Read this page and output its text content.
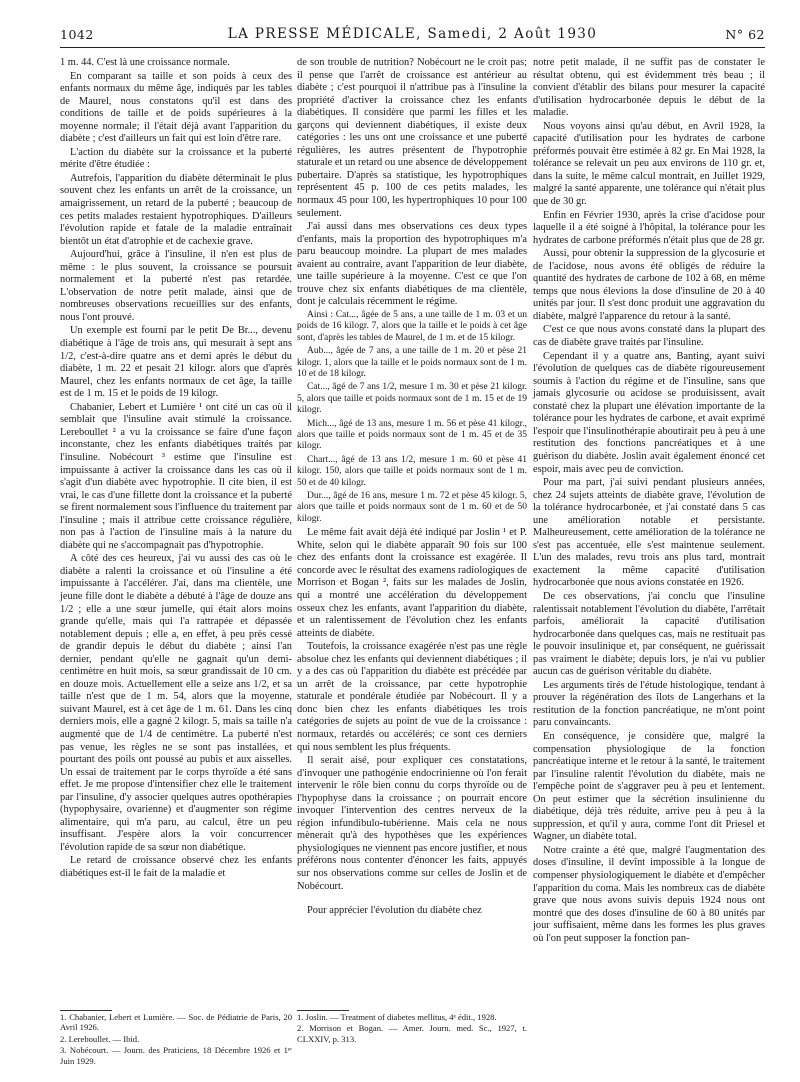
1042	LA PRESSE MÉDICALE, Samedi, 2 Août 1930	N° 62

1 m. 44. C'est là une croissance normale.

En comparant sa taille et son poids à ceux des enfants normaux du même âge, indiqués par les tables de Maurel, nous constatons qu'il est dans des conditions de taille et de poids supérieures à la moyenne normale; il l'était déjà avant l'apparition du diabète ; c'est d'ailleurs un fait qui est loin d'être rare.

L'action du diabète sur la croissance et la puberté mérite d'être étudiée :

Autrefois, l'apparition du diabète déterminait le plus souvent chez les enfants un arrêt de la croissance, un amaigrissement, un retard de la puberté ; beaucoup de ces petits malades restaient hypotrophiques. D'ailleurs l'évolution rapide et fatale de la maladie entraînait bientôt un état d'atrophie et de cachexie grave.

Aujourd'hui, grâce à l'insuline, il n'en est plus de même : le plus souvent, la croissance se poursuit normalement et la puberté n'est pas retardée. L'observation de notre petit malade, ainsi que de nombreuses observations recueillies sur des enfants, nous l'ont prouvé.

Un exemple est fourni par le petit De Br..., devenu diabétique à l'âge de trois ans, qui mesurait à sept ans 1/2, c'est-à-dire quatre ans et demi après le début du diabète, 1 m. 22 et pesait 21 kilogr. alors que d'après Maurel, chez les enfants normaux de cet âge, la taille est de 1 m. 15 et le poids de 19 kilogr.

Chabanier, Lebert et Lumière ¹ ont cité un cas où il semblait que l'insuline avait stimulé la croissance. Lereboullet ² a vu la croissance se faire d'une façon inconstante, chez les enfants diabétiques traités par l'insuline. Nobécourt ³ estime que l'insuline est impuissante à activer la croissance dans les cas où il s'agit d'un diabète avec hypotrophie. Il cite bien, il est vrai, le cas d'une fillette dont la croissance et la puberté se firent normalement sous l'influence du traitement par l'insuline ; mais il attribue cette croissance régulière, non pas à l'action de l'insuline mais à la nature du diabète qui ne s'accompagnait pas d'hypotrophie.

A côté des ces heureux, j'ai vu aussi des cas où le diabète a ralenti la croissance et où l'insuline a été impuissante à l'accélérer. J'ai, dans ma clientèle, une jeune fille dont le diabète a débuté à l'âge de douze ans 1/2 ; elle a une sœur jumelle, qui était alors moins grande qu'elle, mais qui l'a rattrapée et dépassée notablement depuis ; elle a, en effet, à peu près cessé de grandir depuis le début du diabète ; ainsi l'an dernier, pendant qu'elle ne gagnait qu'un demi-centimètre en huit mois, sa sœur grandissait de 10 cm. en douze mois. Actuellement elle a seize ans 1/2, et sa taille n'est que de 1 m. 54, alors que la moyenne, suivant Maurel, est à cet âge de 1 m. 61. Dans les cinq derniers mois, elle a gagné 2 kilogr. 5, mais sa taille n'a augmenté que de 1/4 de centimètre. La puberté n'est pas venue, les règles ne se sont pas installées, et pourtant des poils ont poussé au pubis et aux aisselles. Un essai de traitement par le corps thyroïde a été sans effet. Je me propose d'intensifier chez elle le traitement par l'insuline, d'y associer quelques autres opothérapies (hypophysaire, ovarienne) et d'augmenter son régime alimentaire, qui m'a paru, au calcul, être un peu insuffisant. J'espère alors la voir concurrencer l'évolution rapide de sa sœur non diabétique.

Le retard de croissance observé chez les enfants diabétiques est-il le fait de la maladie et

de son trouble de nutrition? Nobécourt ne le croit pas; il pense que l'arrêt de croissance est antérieur au diabète ; c'est pourquoi il n'attribue pas à l'insuline la propriété d'activer la croissance chez les enfants diabétiques. Il considère que parmi les filles et les garçons qui deviennent diabétiques, il existe deux catégories : les uns ont une croissance et une puberté régulières, les autres présentent de l'hypotrophie staturale et un retard ou une absence de développement pubertaire. D'après sa statistique, les hypotrophiques représentent 45 p. 100 de ces petits malades, les normaux 45 pour 100, les hypertrophiques 10 pour 100 seulement.

J'ai aussi dans mes observations ces deux types d'enfants, mais la proportion des hypotrophiques m'a paru beaucoup moindre. La plupart de mes malades avaient au contraire, avant l'apparition de leur diabète, une taille supérieure à la moyenne. C'est ce que l'on trouve chez six enfants diabétiques de ma clientèle, dont je calculais récemment le régime.

Ainsi : Cat..., âgée de 5 ans, a une taille de 1 m. 03 et un poids de 16 kilogr. 7, alors que la taille et le poids à cet âge sont, d'après les tables de Maurel, de 1 m. et de 15 kilogr.

Aub..., âgée de 7 ans, a une taille de 1 m. 20 et pèse 21 kilogr. 1, alors que la taille et le poids normaux sont de 1 m. 10 et de 18 kilogr.

Cat..., âgé de 7 ans 1/2, mesure 1 m. 30 et pèse 21 kilogr. 5, alors que taille et poids normaux sont de 1 m. 15 et de 19 kilogr.

Mich..., âgé de 13 ans, mesure 1 m. 56 et pèse 41 kilogr., alors que taille et poids normaux sont de 1 m. 45 et de 35 kilogr.

Chart..., âgé de 13 ans 1/2, mesure 1 m. 60 et pèse 41 kilogr. 150, alors que taille et poids normaux sont de 1 m. 50 et de 40 kilogr.

Dur..., âgé de 16 ans, mesure 1 m. 72 et pèse 45 kilogr. 5, alors que taille et poids normaux sont de 1 m. 60 et de 50 kilogr.

Le même fait avait déjà été indiqué par Joslin ¹ et P. White, selon qui le diabète apparaît 90 fois sur 100 chez des enfants dont la croissance est exagérée. Il concorde avec le résultat des examens radiologiques de Morrison et Bogan ², faits sur les malades de Joslin, qui a montré une accélération du développement osseux chez les enfants, avant l'apparition du diabète, et un ralentissement de l'évolution chez les enfants atteints de diabète.

Toutefois, la croissance exagérée n'est pas une règle absolue chez les enfants qui deviennent diabétiques ; il y a des cas où l'apparition du diabète est précédée par un arrêt de la croissance, par cette hypotrophie staturale et pondérale étudiée par Nobécourt. Il y a donc bien chez les enfants diabétiques les trois catégories de sujets au point de vue de la croissance : normaux, retardés ou accélérés; ce sont ces derniers qui nous semblent les plus fréquents.

Il serait aisé, pour expliquer ces constatations, d'invoquer une pathogénie endocrinienne où l'on ferait intervenir le rôle bien connu du corps thyroïde ou de l'hypophyse dans la croissance ; on pourrait encore invoquer l'intervention des centres nerveux de la région infundibulo-tubérienne. Mais cela ne nous mènerait qu'à des hypothèses que les expériences physiologiques ne viennent pas encore justifier, et nous préférons nous contenter d'énoncer les faits, appuyés sur nos observations comme sur celles de Joslin et de Nobécourt.

Pour apprécier l'évolution du diabète chez

notre petit malade, il ne suffit pas de constater le résultat obtenu, qui est évidemment très beau ; il convient d'établir des bilans pour mesurer la capacité d'utilisation hydrocarbonée depuis le début de la maladie.

Nous voyons ainsi qu'au début, en Avril 1928, la capacité d'utilisation pour les hydrates de carbone préformés pouvait être estimée à 82 gr. En Mai 1928, la tolérance se relevait un peu aux environs de 110 gr. et, dans la suite, le même calcul montrait, en Juillet 1929, malgré la santé apparente, une tolérance qui n'était plus que de 30 gr.

Enfin en Février 1930, après la crise d'acidose pour laquelle il a été soigné à l'hôpital, la tolérance pour les hydrates de carbone préformés n'était plus que de 28 gr.

Aussi, pour obtenir la suppression de la glycosurie et de l'acidose, nous avons été obligés de réduire la quantité des hydrates de carbone de 102 à 68, en même temps que nous élevions la dose d'insuline de 20 à 40 unités par jour. Il s'est donc produit une aggravation du diabète, malgré l'apparence du retour à la santé.

C'est ce que nous avons constaté dans la plupart des cas de diabète grave traités par l'insuline.

Cependant il y a quatre ans, Banting, ayant suivi l'évolution de quelques cas de diabète rigoureusement soumis à l'action du régime et de l'insuline, sans que jamais glycosurie ou acidose se produisissent, avait constaté chez la plupart une élévation importante de la tolérance pour les hydrates de carbone, et avait exprimé l'espoir que l'insulinothérapie aboutirait peu à peu à une restitution des fonctions pancréatiques et à une guérison du diabète. Joslin avait également énoncé cet espoir, mais avec peu de conviction.

Pour ma part, j'ai suivi pendant plusieurs années, chez 24 sujets atteints de diabète grave, l'évolution de la tolérance hydrocarbonée, et j'ai constaté dans 5 cas une amélioration notable et persistante. Malheureusement, cette amélioration de la tolérance ne s'est pas accentuée, elle s'est maintenue seulement. L'un des malades, revu trois ans plus tard, montrait exactement la même capacité d'utilisation hydrocarbonée que nous avions constatée en 1926.

De ces observations, j'ai conclu que l'insuline ralentissait notablement l'évolution du diabète, l'arrêtait parfois, améliorait la capacité d'utilisation hydrocarbonée dans quelques cas, mais ne restituait pas le pouvoir insulinique et, par conséquent, ne guérissait pas vraiment le diabète; depuis lors, je n'ai vu publier aucun cas de guérison véritable du diabète.

Les arguments tirés de l'étude histologique, tendant à prouver la régénération des îlots de Langerhans et la restitution de la fonction pancréatique, ne m'ont point paru convaincants.

En conséquence, je considère que, malgré la compensation physiologique de la fonction pancréatique interne et le retour à la santé, le traitement par l'insuline ralentit l'évolution du diabète, mais ne l'empêche point de s'aggraver peu à peu et lentement. On peut estimer que la sécrétion insulinienne du diabétique, déjà très réduite, arrive peu à peu à la suppression, et qu'il y aura, comme l'ont dit Priesel et Wagner, un diabète total.

Notre crainte a été que, malgré l'augmentation des doses d'insuline, il devînt impossible à la longue de compenser physiologiquement le diabète et d'empêcher l'apparition du coma. Mais les nombreux cas de diabète grave que nous avons suivis depuis 1924 nous ont montré que des doses d'insuline de 60 à 80 unités par jour suffisaient, même dans les formes les plus graves où l'on peut supposer la fonction pan-

1. Chabanier, Lebert et Lumière. — Soc. de Pédiatrie de Paris, 20 Avril 1926.
2. Lereboullet. — Ibid.
3. Nobécourt. — Journ. des Praticiens, 18 Décembre 1926 et 1ᵉʳ Juin 1929.
1. Joslin. — Treatment of diabetes mellitus, 4ᵉ édit., 1928.
2. Morrison et Bogan. — Amer. Journ. med. Sc., 1927, t. CLXXIV, p. 313.
